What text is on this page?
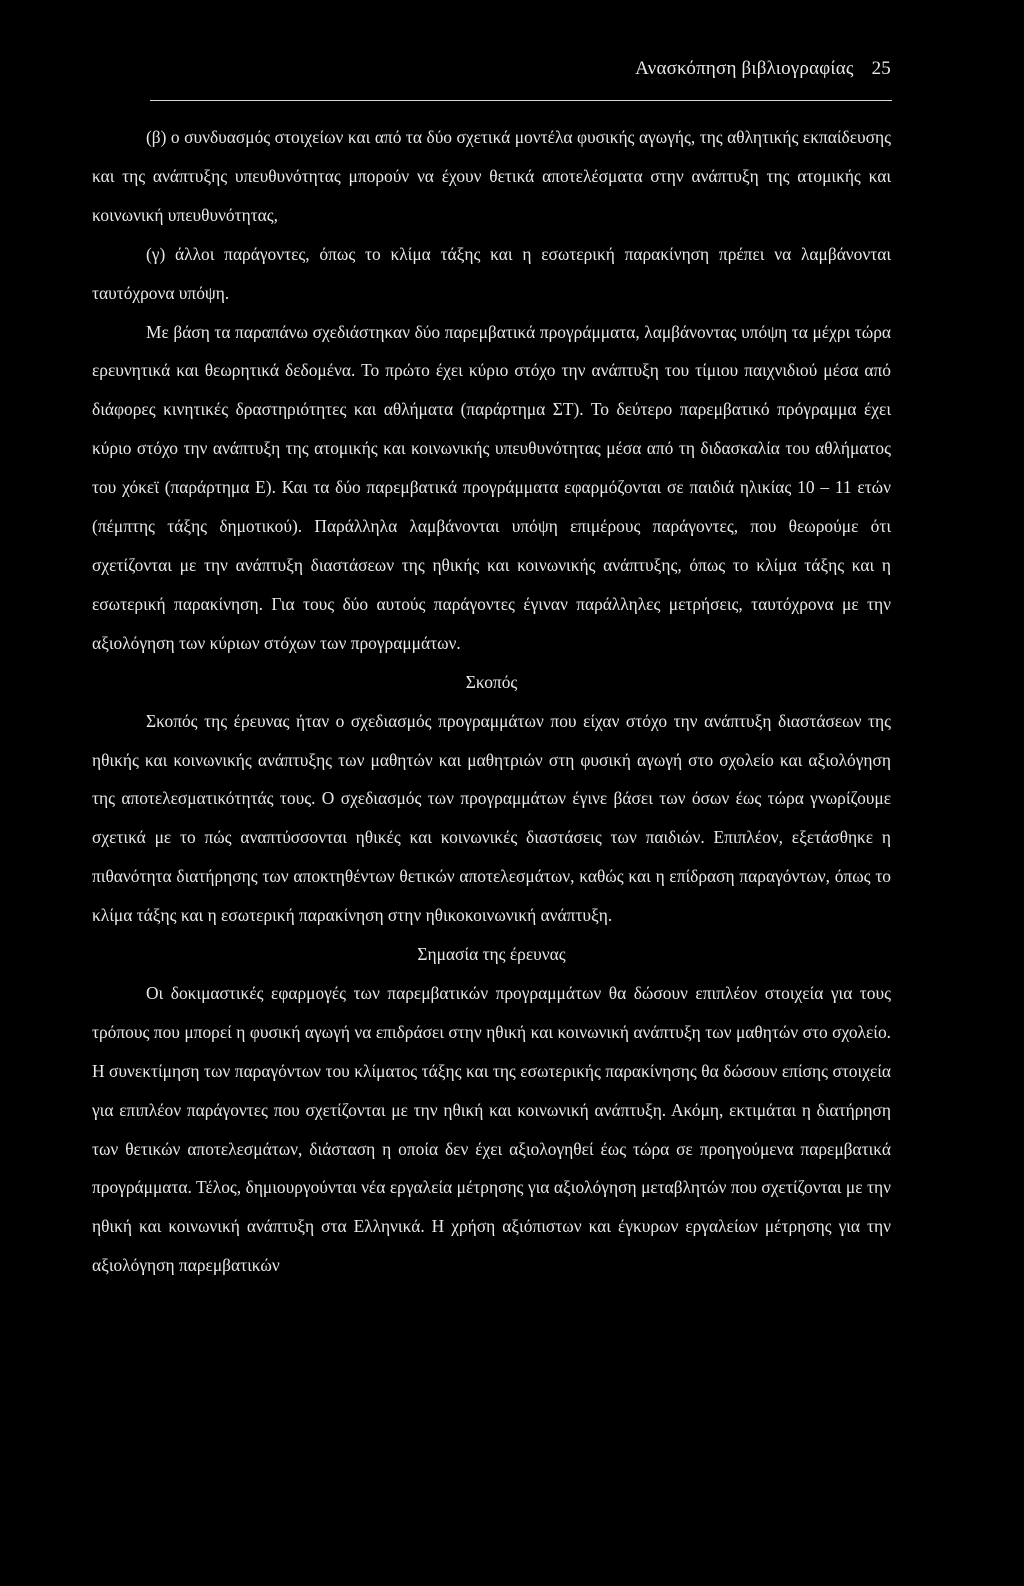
Ανασκόπηση βιβλιογραφίας 25

(β) ο συνδυασμός στοιχείων και από τα δύο σχετικά μοντέλα φυσικής αγωγής, της αθλητικής εκπαίδευσης και της ανάπτυξης υπευθυνότητας μπορούν να έχουν θετικά αποτελέσματα στην ανάπτυξη της ατομικής και κοινωνική υπευθυνότητας,

(γ) άλλοι παράγοντες, όπως το κλίμα τάξης και η εσωτερική παρακίνηση πρέπει να λαμβάνονται ταυτόχρονα υπόψη.

Με βάση τα παραπάνω σχεδιάστηκαν δύο παρεμβατικά προγράμματα, λαμβάνοντας υπόψη τα μέχρι τώρα ερευνητικά και θεωρητικά δεδομένα. Το πρώτο έχει κύριο στόχο την ανάπτυξη του τίμιου παιχνιδιού μέσα από διάφορες κινητικές δραστηριότητες και αθλήματα (παράρτημα ΣΤ). Το δεύτερο παρεμβατικό πρόγραμμα έχει κύριο στόχο την ανάπτυξη της ατομικής και κοινωνικής υπευθυνότητας μέσα από τη διδασκαλία του αθλήματος του χόκεϊ (παράρτημα Ε). Και τα δύο παρεμβατικά προγράμματα εφαρμόζονται σε παιδιά ηλικίας 10 – 11 ετών (πέμπτης τάξης δημοτικού). Παράλληλα λαμβάνονται υπόψη επιμέρους παράγοντες, που θεωρούμε ότι σχετίζονται με την ανάπτυξη διαστάσεων της ηθικής και κοινωνικής ανάπτυξης, όπως το κλίμα τάξης και η εσωτερική παρακίνηση. Για τους δύο αυτούς παράγοντες έγιναν παράλληλες μετρήσεις, ταυτόχρονα με την αξιολόγηση των κύριων στόχων των προγραμμάτων.

Σκοπός

Σκοπός της έρευνας ήταν ο σχεδιασμός προγραμμάτων που είχαν στόχο την ανάπτυξη διαστάσεων της ηθικής και κοινωνικής ανάπτυξης των μαθητών και μαθητριών στη φυσική αγωγή στο σχολείο και αξιολόγηση της αποτελεσματικότητάς τους. Ο σχεδιασμός των προγραμμάτων έγινε βάσει των όσων έως τώρα γνωρίζουμε σχετικά με το πώς αναπτύσσονται ηθικές και κοινωνικές διαστάσεις των παιδιών. Επιπλέον, εξετάσθηκε η πιθανότητα διατήρησης των αποκτηθέντων θετικών αποτελεσμάτων, καθώς και η επίδραση παραγόντων, όπως το κλίμα τάξης και η εσωτερική παρακίνηση στην ηθικοκοινωνική ανάπτυξη.

Σημασία της έρευνας

Οι δοκιμαστικές εφαρμογές των παρεμβατικών προγραμμάτων θα δώσουν επιπλέον στοιχεία για τους τρόπους που μπορεί η φυσική αγωγή να επιδράσει στην ηθική και κοινωνική ανάπτυξη των μαθητών στο σχολείο. Η συνεκτίμηση των παραγόντων του κλίματος τάξης και της εσωτερικής παρακίνησης θα δώσουν επίσης στοιχεία για επιπλέον παράγοντες που σχετίζονται με την ηθική και κοινωνική ανάπτυξη. Ακόμη, εκτιμάται η διατήρηση των θετικών αποτελεσμάτων, διάσταση η οποία δεν έχει αξιολογηθεί έως τώρα σε προηγούμενα παρεμβατικά προγράμματα. Τέλος, δημιουργούνται νέα εργαλεία μέτρησης για αξιολόγηση μεταβλητών που σχετίζονται με την ηθική και κοινωνική ανάπτυξη στα Ελληνικά. Η χρήση αξιόπιστων και έγκυρων εργαλείων μέτρησης για την αξιολόγηση παρεμβατικών
